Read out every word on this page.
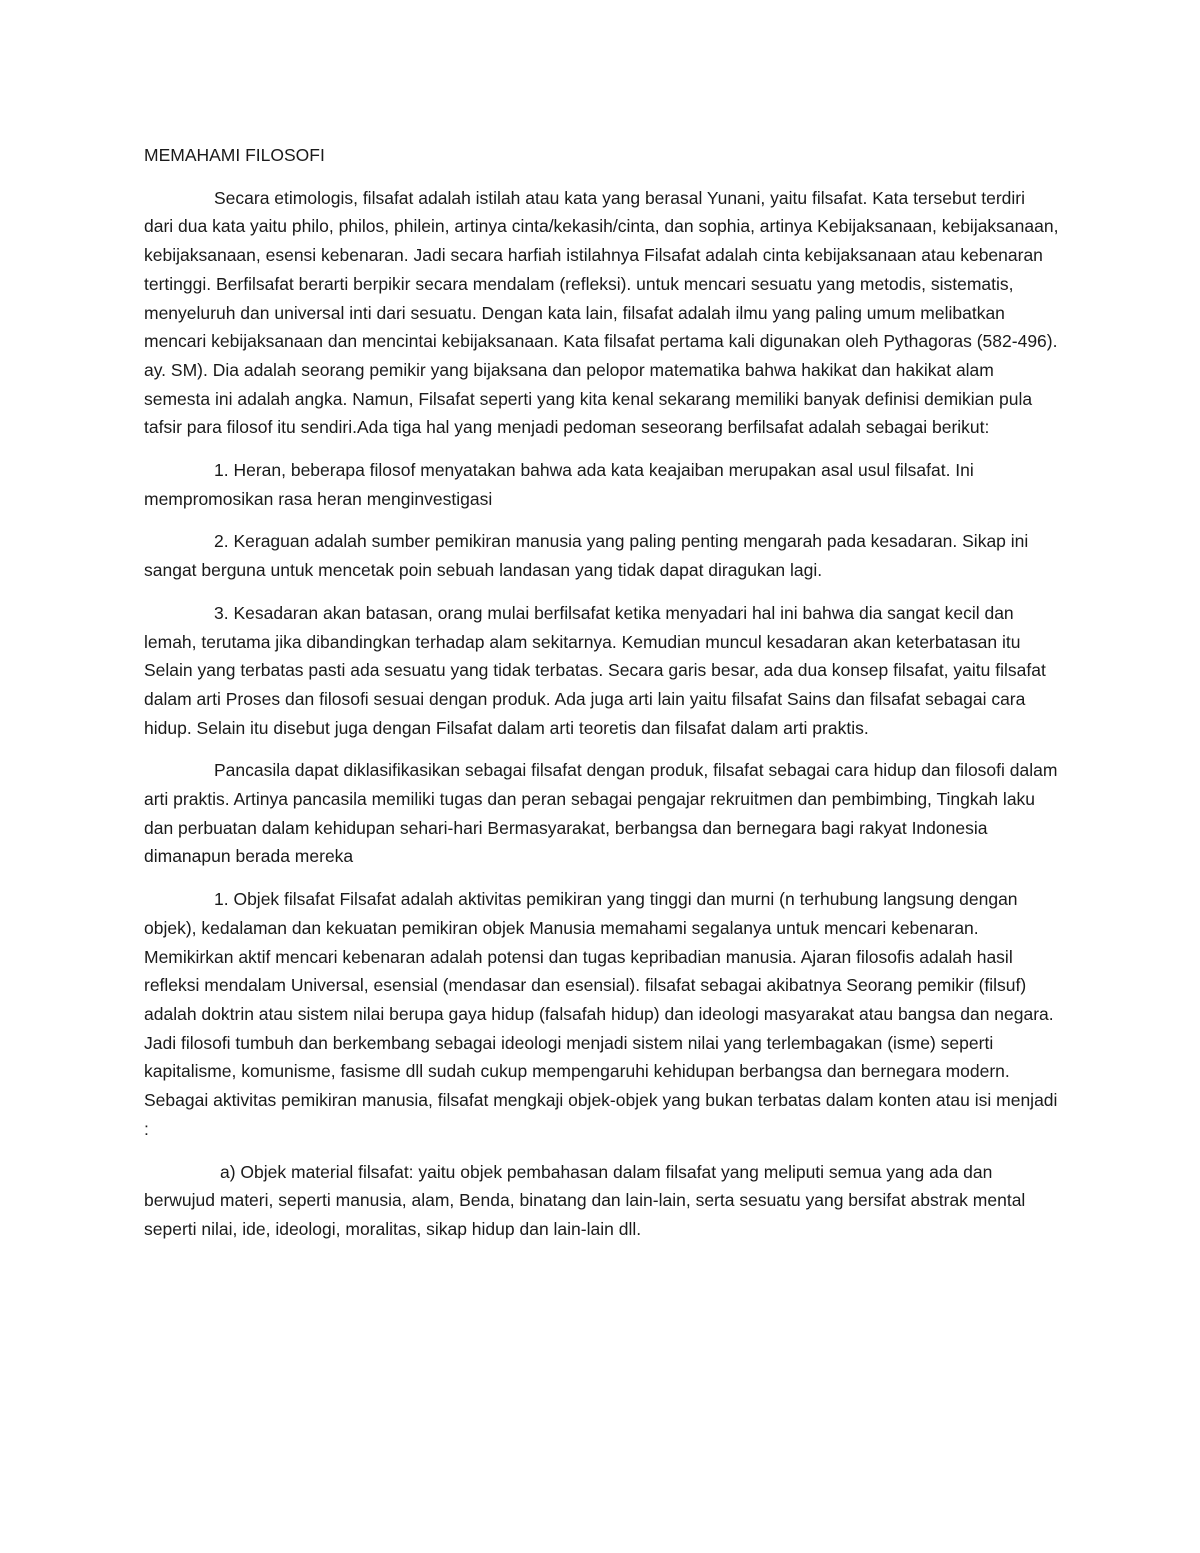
MEMAHAMI FILOSOFI

Secara etimologis, filsafat adalah istilah atau kata yang berasal Yunani, yaitu filsafat. Kata tersebut terdiri dari dua kata yaitu philo, philos, philein, artinya cinta/kekasih/cinta, dan sophia, artinya Kebijaksanaan, kebijaksanaan, kebijaksanaan, esensi kebenaran. Jadi secara harfiah istilahnya Filsafat adalah cinta kebijaksanaan atau kebenaran tertinggi. Berfilsafat berarti berpikir secara mendalam (refleksi). untuk mencari sesuatu yang metodis, sistematis, menyeluruh dan universal inti dari sesuatu. Dengan kata lain, filsafat adalah ilmu yang paling umum melibatkan mencari kebijaksanaan dan mencintai kebijaksanaan. Kata filsafat pertama kali digunakan oleh Pythagoras (582-496). ay. SM). Dia adalah seorang pemikir yang bijaksana dan pelopor matematika bahwa hakikat dan hakikat alam semesta ini adalah angka. Namun, Filsafat seperti yang kita kenal sekarang memiliki banyak definisi demikian pula tafsir para filosof itu sendiri.Ada tiga hal yang menjadi pedoman seseorang berfilsafat adalah sebagai berikut:

1. Heran, beberapa filosof menyatakan bahwa ada kata keajaiban merupakan asal usul filsafat. Ini mempromosikan rasa heran menginvestigasi

2. Keraguan adalah sumber pemikiran manusia yang paling penting mengarah pada kesadaran. Sikap ini sangat berguna untuk mencetak poin sebuah landasan yang tidak dapat diragukan lagi.

3. Kesadaran akan batasan, orang mulai berfilsafat ketika menyadari hal ini bahwa dia sangat kecil dan lemah, terutama jika dibandingkan terhadap alam sekitarnya. Kemudian muncul kesadaran akan keterbatasan itu Selain yang terbatas pasti ada sesuatu yang tidak terbatas. Secara garis besar, ada dua konsep filsafat, yaitu filsafat dalam arti Proses dan filosofi sesuai dengan produk. Ada juga arti lain yaitu filsafat Sains dan filsafat sebagai cara hidup. Selain itu disebut juga dengan Filsafat dalam arti teoretis dan filsafat dalam arti praktis.

Pancasila dapat diklasifikasikan sebagai filsafat dengan produk, filsafat sebagai cara hidup dan filosofi dalam arti praktis. Artinya pancasila memiliki tugas dan peran sebagai pengajar rekruitmen dan pembimbing, Tingkah laku dan perbuatan dalam kehidupan sehari-hari Bermasyarakat, berbangsa dan bernegara bagi rakyat Indonesia dimanapun berada mereka

1. Objek filsafat Filsafat adalah aktivitas pemikiran yang tinggi dan murni (n terhubung langsung dengan objek), kedalaman dan kekuatan pemikiran objek Manusia memahami segalanya untuk mencari kebenaran. Memikirkan aktif mencari kebenaran adalah potensi dan tugas kepribadian manusia. Ajaran filosofis adalah hasil refleksi mendalam Universal, esensial (mendasar dan esensial). filsafat sebagai akibatnya Seorang pemikir (filsuf) adalah doktrin atau sistem nilai berupa gaya hidup (falsafah hidup) dan ideologi masyarakat atau bangsa dan negara. Jadi filosofi tumbuh dan berkembang sebagai ideologi menjadi sistem nilai yang terlembagakan (isme) seperti kapitalisme, komunisme, fasisme dll sudah cukup mempengaruhi kehidupan berbangsa dan bernegara modern. Sebagai aktivitas pemikiran manusia, filsafat mengkaji objek-objek yang bukan terbatas dalam konten atau isi menjadi :

a) Objek material filsafat: yaitu objek pembahasan dalam filsafat yang meliputi semua yang ada dan berwujud materi, seperti manusia, alam, Benda, binatang dan lain-lain, serta sesuatu yang bersifat abstrak mental seperti nilai, ide, ideologi, moralitas, sikap hidup dan lain-lain dll.
